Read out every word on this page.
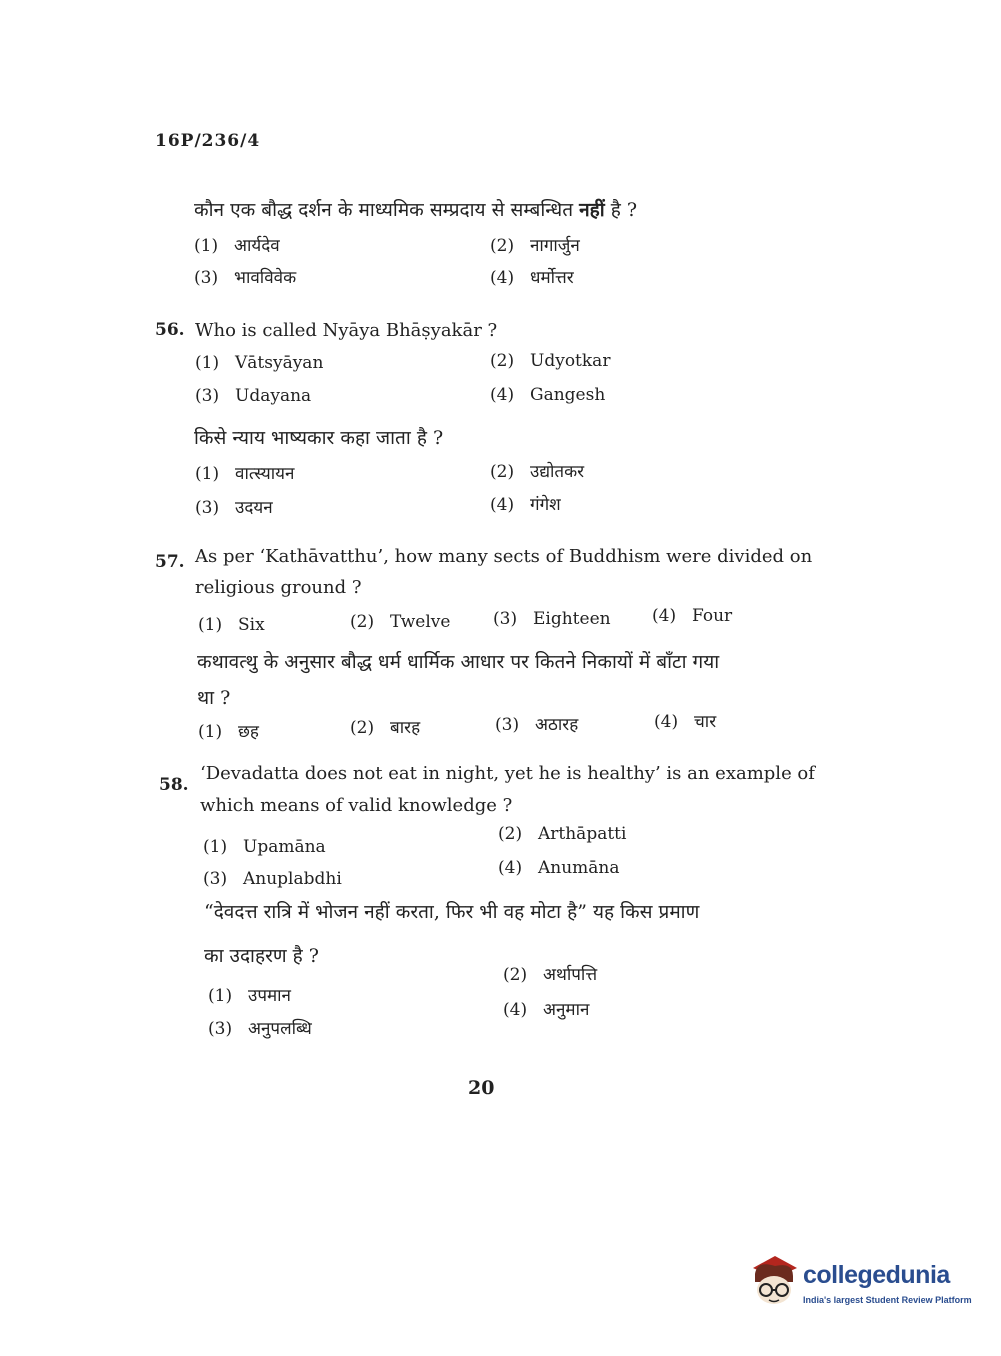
16P/236/4
कौन एक बौद्ध दर्शन के माध्यमिक सम्प्रदाय से सम्बन्धित नहीं है ?
(1) आर्यदेव	(2) नागार्जुन
(3) भावविवेक	(4) धर्मोत्तर
56. Who is called Nyāya Bhāṣyakār ?
(1) Vātsyāyan	(2) Udyotkar
(3) Udayana	(4) Gangesh
किसे न्याय भाष्यकार कहा जाता है ?
(1) वात्स्यायन	(2) उद्योतकर
(3) उदयन	(4) गंगेश
57. As per ‘Kathāvatthu’, how many sects of Buddhism were divided on
religious ground ?
(1) Six	(2) Twelve	(3) Eighteen (4) Four
कथावत्थु के अनुसार बौद्ध धर्म धार्मिक आधार पर कितने निकायों में बाँटा गया
था ?
(1) छह	(2) बारह	(3) अठारह	(4) चार
58.
‘Devadatta does not eat in night, yet he is healthy’ is an example of
which means of valid knowledge ?
(1) Upamāna
(2) Arthāpatti
(3) Anuplabdhi
(4) Anumāna
“देवदत्त रात्रि में भोजन नहीं करता, फिर भी वह मोटा है” यह किस प्रमाण
का उदाहरण है ?
(1) उपमान
(2) अर्थापत्ति
(3) अनुपलब्धि
(4) अनुमान
20
collegedunia
India's largest Student Review Platform
